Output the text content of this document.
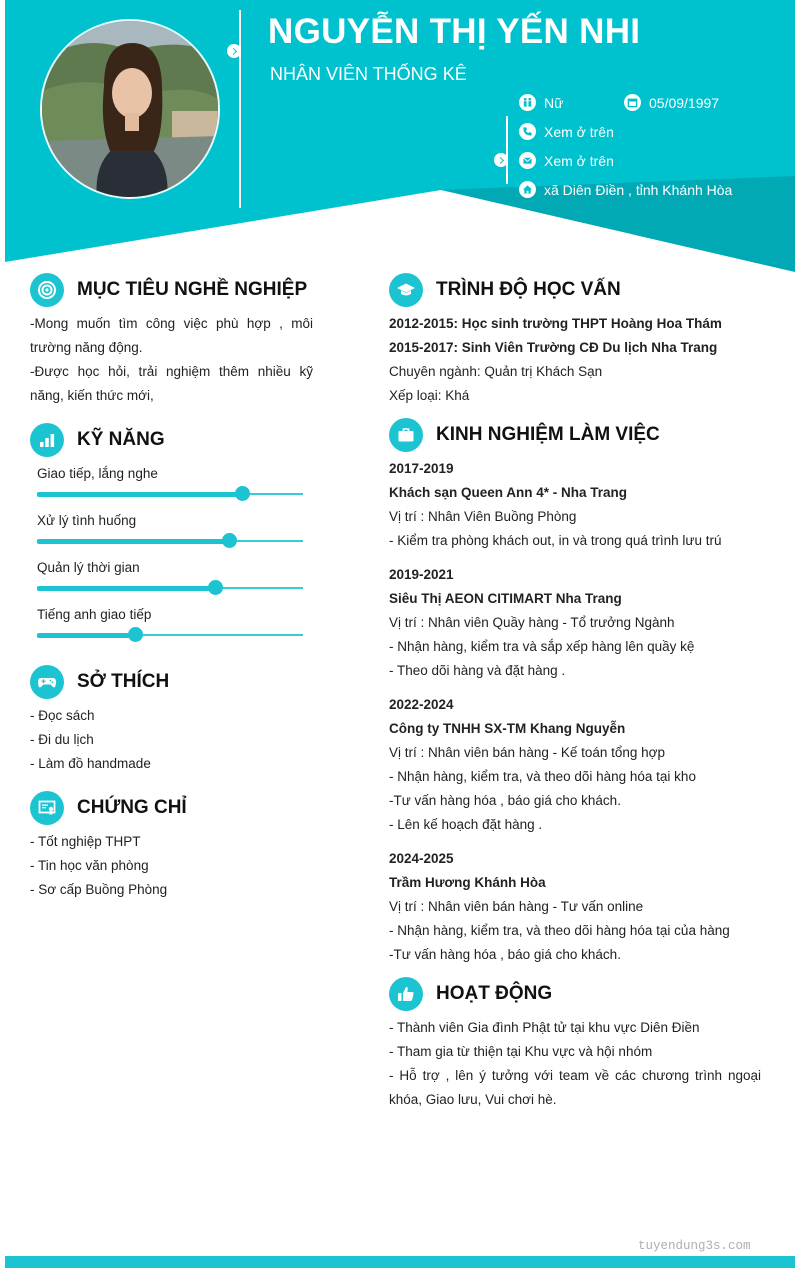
NGUYỄN THỊ YẾN NHI
NHÂN VIÊN THỐNG KÊ
Nữ	05/09/1997
Xem ở trên
Xem ở trên
xã Diên Điền , tỉnh Khánh Hòa
MỤC TIÊU NGHỀ NGHIỆP

-Mong muốn tìm công việc phù hợp , môi trường năng động.

-Được học hỏi, trải nghiệm thêm nhiều kỹ năng, kiến thức mới,

KỸ NĂNG
Giao tiếp, lắng nghe
Xử lý tình huống
Quản lý thời gian
Tiếng anh giao tiếp
SỞ THÍCH
- Đọc sách
- Đi du lịch
- Làm đồ handmade
CHỨNG CHỈ
- Tốt nghiệp THPT
- Tin học văn phòng
- Sơ cấp Buồng Phòng
TRÌNH ĐỘ HỌC VẤN
2012-2015: Học sinh trường THPT Hoàng Hoa Thám
2015-2017: Sinh Viên Trường CĐ Du lịch Nha Trang
Chuyên ngành: Quản trị Khách Sạn
Xếp loại: Khá
KINH NGHIỆM LÀM VIỆC
2017-2019
Khách sạn Queen Ann 4* - Nha Trang
Vị trí : Nhân Viên Buồng Phòng
- Kiểm tra phòng khách out, in và trong quá trình lưu trú
2019-2021
Siêu Thị AEON CITIMART Nha Trang
Vị trí : Nhân viên Quầy hàng - Tổ trưởng Ngành
- Nhận hàng, kiểm tra và sắp xếp hàng lên quầy kệ
- Theo dõi hàng và đặt hàng .
2022-2024
Công ty TNHH SX-TM Khang Nguyễn
Vị trí : Nhân viên bán hàng - Kế toán tổng hợp
- Nhận hàng, kiểm tra, và theo dõi hàng hóa tại kho
-Tư vấn hàng hóa , báo giá cho khách.
- Lên kế hoạch đặt hàng .
2024-2025
Trầm Hương Khánh Hòa
Vị trí : Nhân viên bán hàng - Tư vấn online
- Nhận hàng, kiểm tra, và theo dõi hàng hóa tại của hàng
-Tư vấn hàng hóa , báo giá cho khách.
HOẠT ĐỘNG
- Thành viên Gia đình Phật tử tại khu vực Diên Điền
- Tham gia từ thiện tại Khu vực và hội nhóm

- Hỗ trợ , lên ý tưởng với team về các chương trình ngoại khóa, Giao lưu, Vui chơi hè.

tuyendung3s.com
